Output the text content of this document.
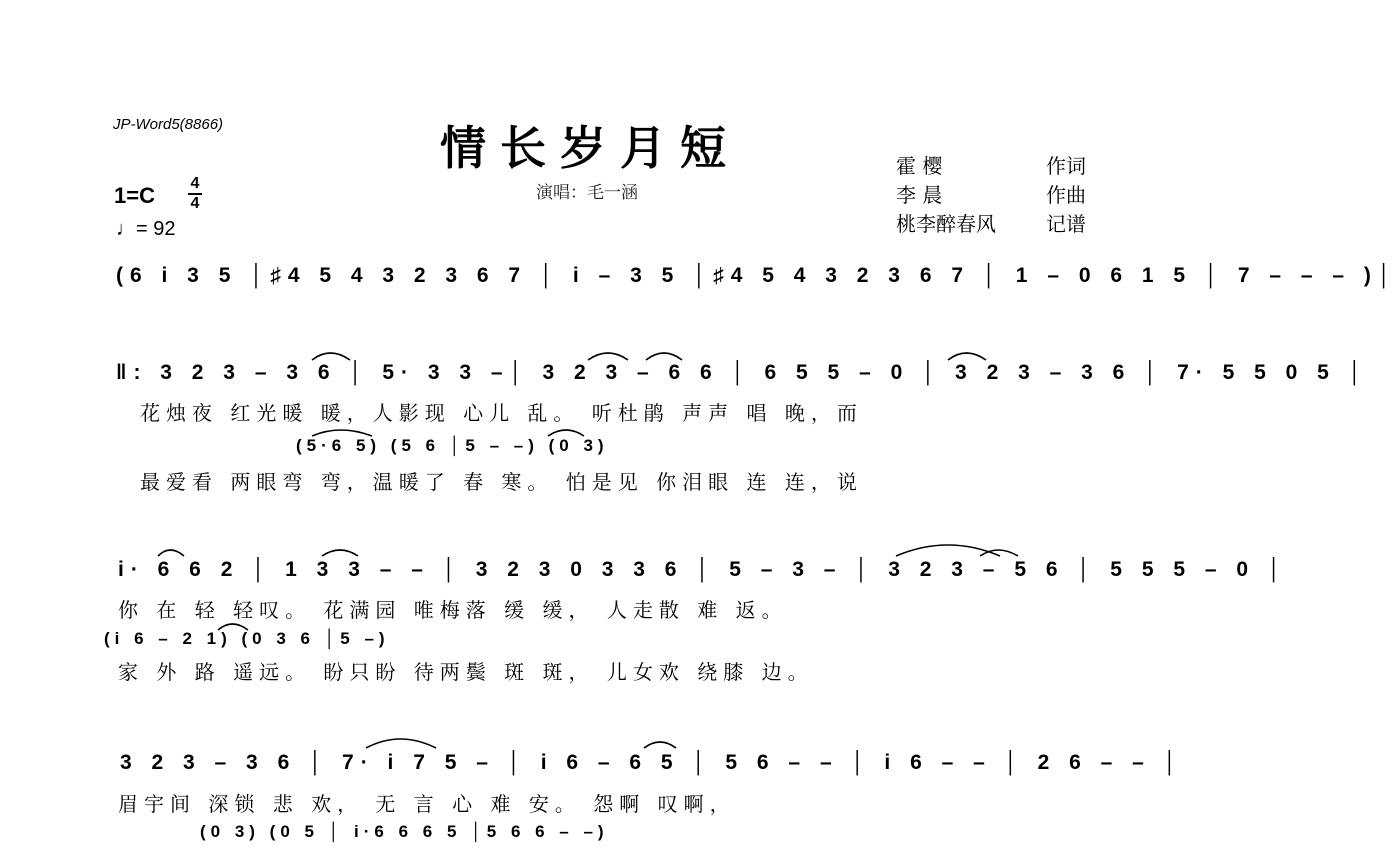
JP-Word5(8866)	情长岁月短
演唱：毛一涵
霍 樱	作词
李 晨	作曲
桃李醉春风	记谱
1=C 4
4
♩= 92
(6 i 3 5 │♯4 5 4 3 2 3 6 7 │ i – 3 5 │♯4 5 4 3 2 3 6 7 │ 1 – 0 6 1 5 │ 7 – – – )│
‖: 3 2 3 – 3 6 │ 5· 3 3 –│ 3 2 3 – 6 6 │ 6 5 5 – 0 │ 3 2 3 – 3 6 │ 7· 5 5 0 5 │
花烛夜 红光暖 暖，人影现 心儿 乱。 听杜鹃 声声 唱 晚，而
(5·6 5) (5 6 │5 – –) (0 3)
最爱看 两眼弯 弯，温暖了 春 寒。 怕是见 你泪眼 连 连，说
i· 6 6 2 │ 1 3 3 – – │ 3 2 3 0 3 3 6 │ 5 – 3 – │ 3 2 3 – 5 6 │ 5 5 5 – 0 │
你 在 轻 轻叹。 花满园 唯梅落 缓 缓， 人走散 难 返。
(i 6 – 2 1) (0 3 6 │5 –)
家 外 路 遥远。 盼只盼 待两鬓 斑 斑， 儿女欢 绕膝 边。
3 2 3 – 3 6 │ 7· i 7 5 – │ i 6 – 6 5 │ 5 6 – – │ i 6 – – │ 2 6 – – │
眉宇间 深锁 悲 欢， 无 言 心 难 安。 怨啊 叹啊，
(0 3) (0 5 │ i·6 6 6 5 │5 6 6 – –)
